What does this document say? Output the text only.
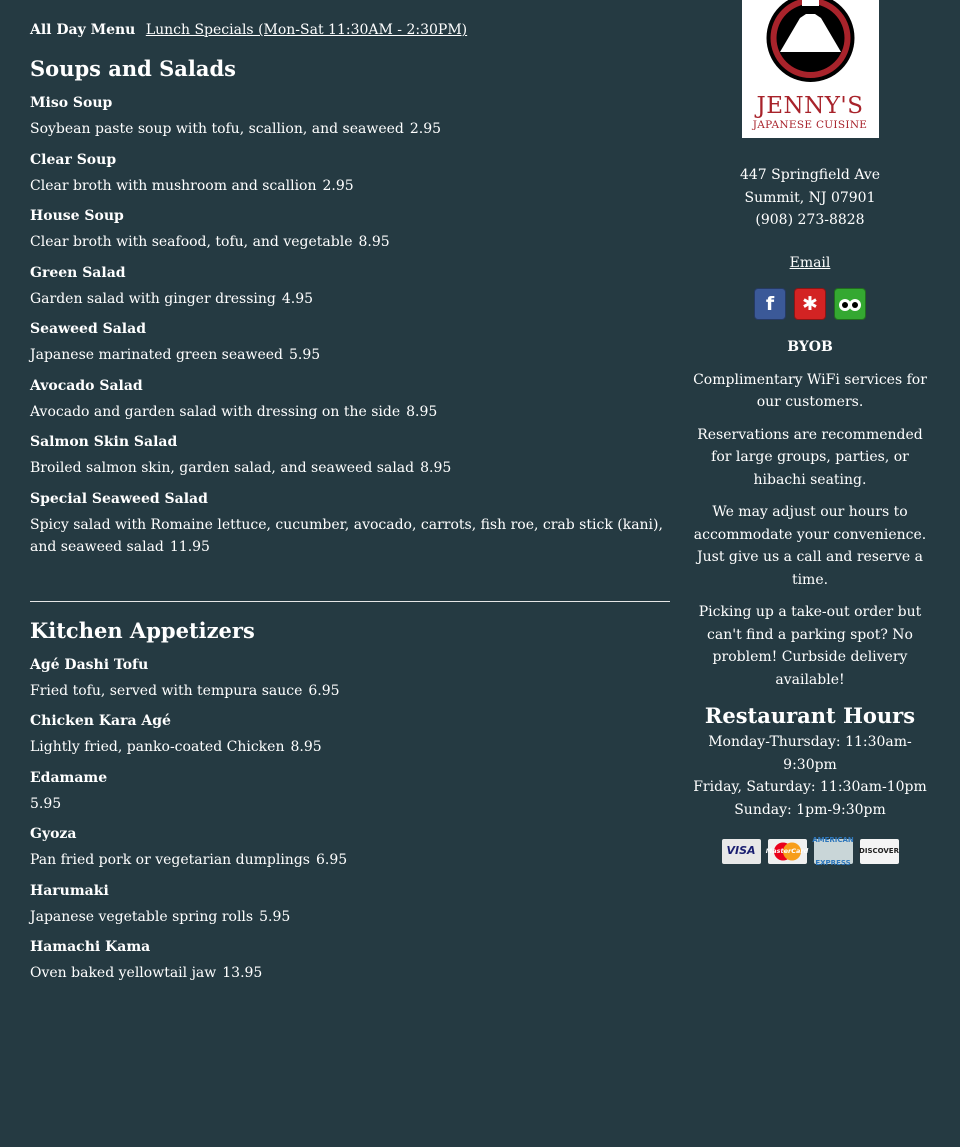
All Day Menu Lunch Specials (Mon-Sat 11:30AM - 2:30PM)
Soups and Salads
Miso Soup
Soybean paste soup with tofu, scallion, and seaweed 2.95
Clear Soup
Clear broth with mushroom and scallion 2.95
House Soup
Clear broth with seafood, tofu, and vegetable 8.95
Green Salad
Garden salad with ginger dressing 4.95
Seaweed Salad
Japanese marinated green seaweed 5.95
Avocado Salad
Avocado and garden salad with dressing on the side 8.95
Salmon Skin Salad
Broiled salmon skin, garden salad, and seaweed salad 8.95
Special Seaweed Salad
Spicy salad with Romaine lettuce, cucumber, avocado, carrots, fish roe, crab stick (kani), and seaweed salad 11.95
Kitchen Appetizers
Agé Dashi Tofu
Fried tofu, served with tempura sauce 6.95
Chicken Kara Agé
Lightly fried, panko-coated Chicken 8.95
Edamame
5.95
Gyoza
Pan fried pork or vegetarian dumplings 6.95
Harumaki
Japanese vegetable spring rolls 5.95
Hamachi Kama
Oven baked yellowtail jaw 13.95
JENNY'S
JAPANESE CUISINE
447 Springfield Ave
Summit, NJ 07901
(908) 273-8828
Email
f	✱
BYOB
Complimentary WiFi services for our customers.
Reservations are recommended for large groups, parties, or hibachi seating.
We may adjust our hours to accommodate your convenience. Just give us a call and reserve a time.
Picking up a take-out order but can't find a parking spot? No problem! Curbside delivery available!
Restaurant Hours
Monday-Thursday: 11:30am-9:30pm
Friday, Saturday: 11:30am-10pm
Sunday: 1pm-9:30pm
VISA	MasterCard
AMERICAN EXPRESS
DISCOVER
